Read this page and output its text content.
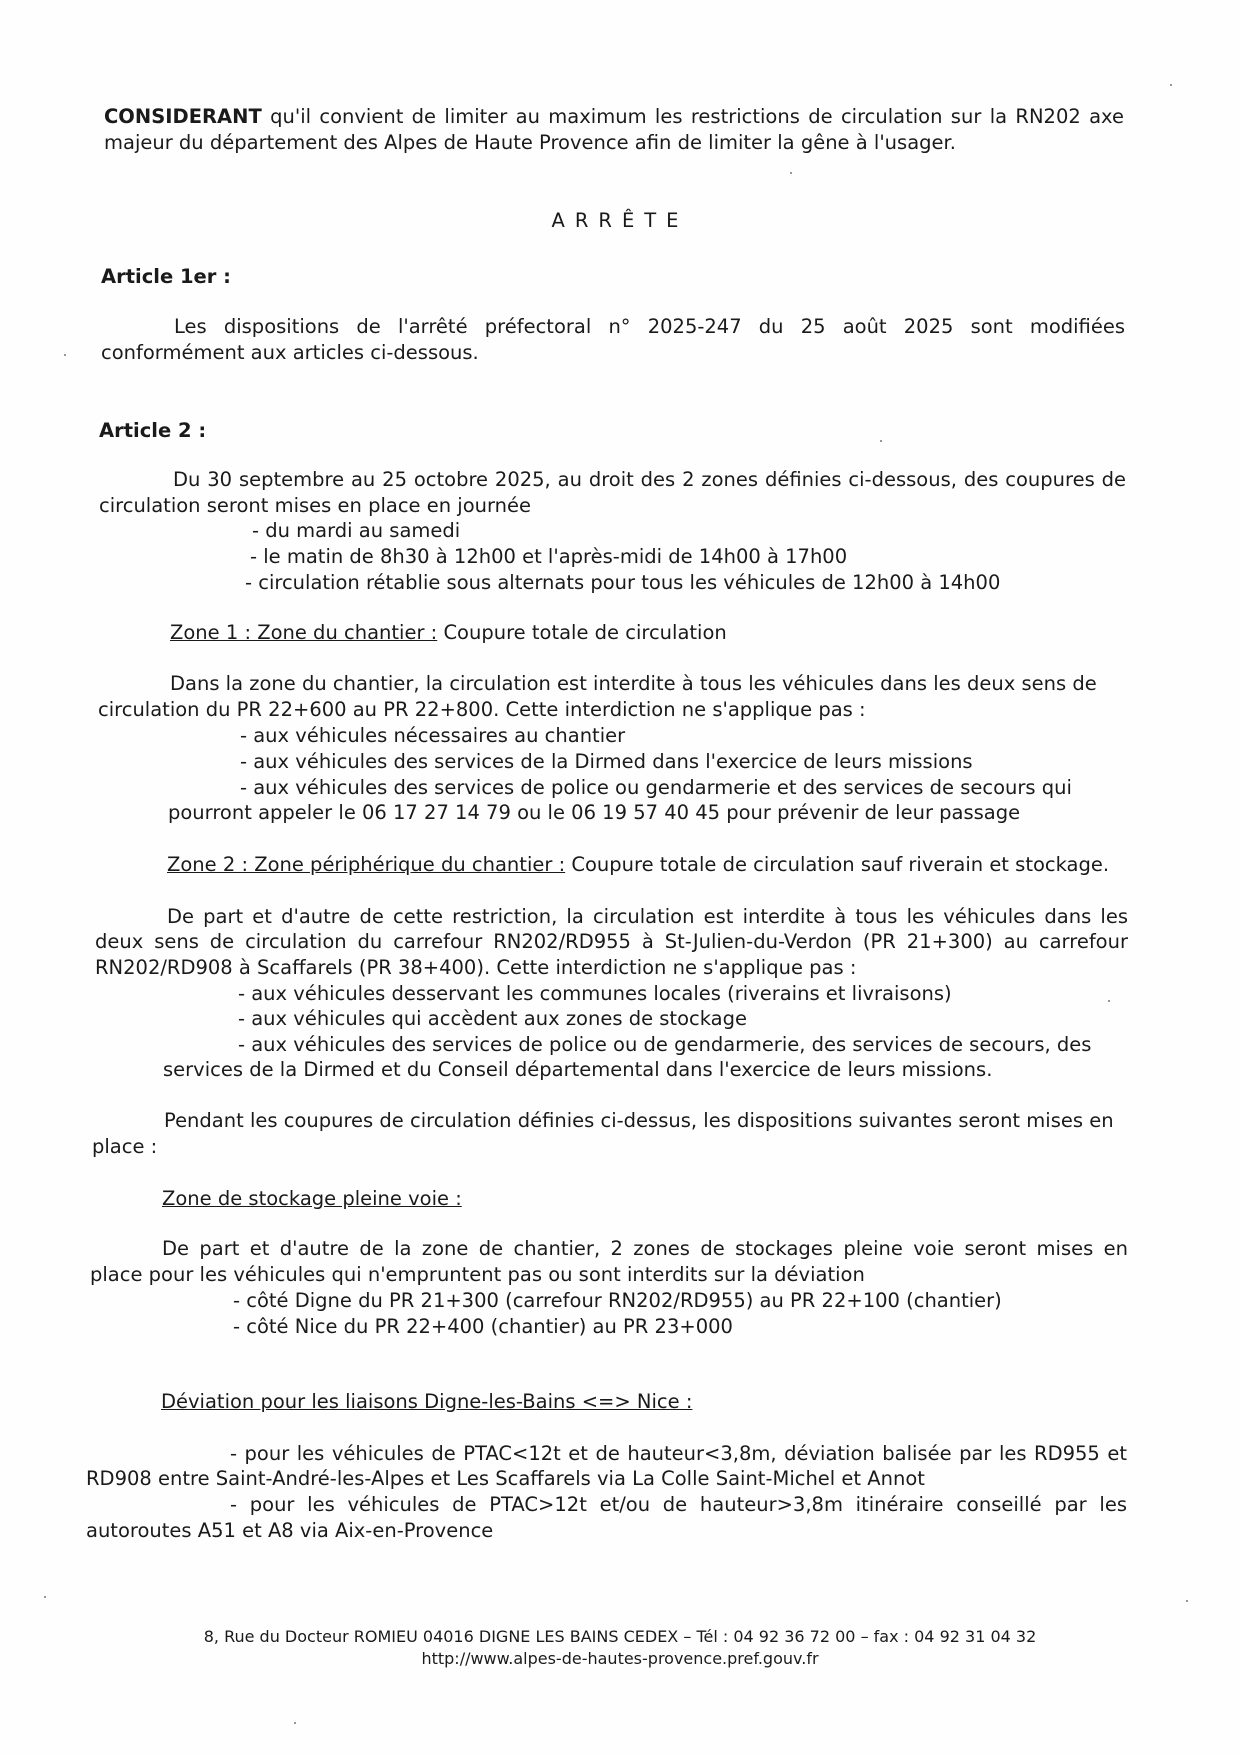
CONSIDERANT qu'il convient de limiter au maximum les restrictions de circulation sur la RN202 axe

majeur du département des Alpes de Haute Provence afin de limiter la gêne à l'usager.

ARRÊTE

Article 1er :

Les dispositions de l'arrêté préfectoral n° 2025-247 du 25 août 2025 sont modifiées

conformément aux articles ci-dessous.

Article 2 :

Du 30 septembre au 25 octobre 2025, au droit des 2 zones définies ci-dessous, des coupures de

circulation seront mises en place en journée

- du mardi au samedi

- le matin de 8h30 à 12h00 et l'après-midi de 14h00 à 17h00

- circulation rétablie sous alternats pour tous les véhicules de 12h00 à 14h00

Zone 1 : Zone du chantier : Coupure totale de circulation

Dans la zone du chantier, la circulation est interdite à tous les véhicules dans les deux sens de

circulation du PR 22+600 au PR 22+800. Cette interdiction ne s'applique pas :

- aux véhicules nécessaires au chantier

- aux véhicules des services de la Dirmed dans l'exercice de leurs missions

- aux véhicules des services de police ou gendarmerie et des services de secours qui

pourront appeler le 06 17 27 14 79 ou le 06 19 57 40 45 pour prévenir de leur passage

Zone 2 : Zone périphérique du chantier : Coupure totale de circulation sauf riverain et stockage.

De part et d'autre de cette restriction, la circulation est interdite à tous les véhicules dans les

deux sens de circulation du carrefour RN202/RD955 à St-Julien-du-Verdon (PR 21+300) au carrefour

RN202/RD908 à Scaffarels (PR 38+400). Cette interdiction ne s'applique pas :

- aux véhicules desservant les communes locales (riverains et livraisons)

- aux véhicules qui accèdent aux zones de stockage

- aux véhicules des services de police ou de gendarmerie, des services de secours, des

services de la Dirmed et du Conseil départemental dans l'exercice de leurs missions.

Pendant les coupures de circulation définies ci-dessus, les dispositions suivantes seront mises en

place :

Zone de stockage pleine voie :

De part et d'autre de la zone de chantier, 2 zones de stockages pleine voie seront mises en

place pour les véhicules qui n'empruntent pas ou sont interdits sur la déviation

- côté Digne du PR 21+300 (carrefour RN202/RD955) au PR 22+100 (chantier)

- côté Nice du PR 22+400 (chantier) au PR 23+000

Déviation pour les liaisons Digne-les-Bains <=> Nice :

- pour les véhicules de PTAC<12t et de hauteur<3,8m, déviation balisée par les RD955 et

RD908 entre Saint-André-les-Alpes et Les Scaffarels via La Colle Saint-Michel et Annot

- pour les véhicules de PTAC>12t et/ou de hauteur>3,8m itinéraire conseillé par les

autoroutes A51 et A8 via Aix-en-Provence

8, Rue du Docteur ROMIEU 04016 DIGNE LES BAINS CEDEX – Tél : 04 92 36 72 00 – fax : 04 92 31 04 32
http://www.alpes-de-hautes-provence.pref.gouv.fr
